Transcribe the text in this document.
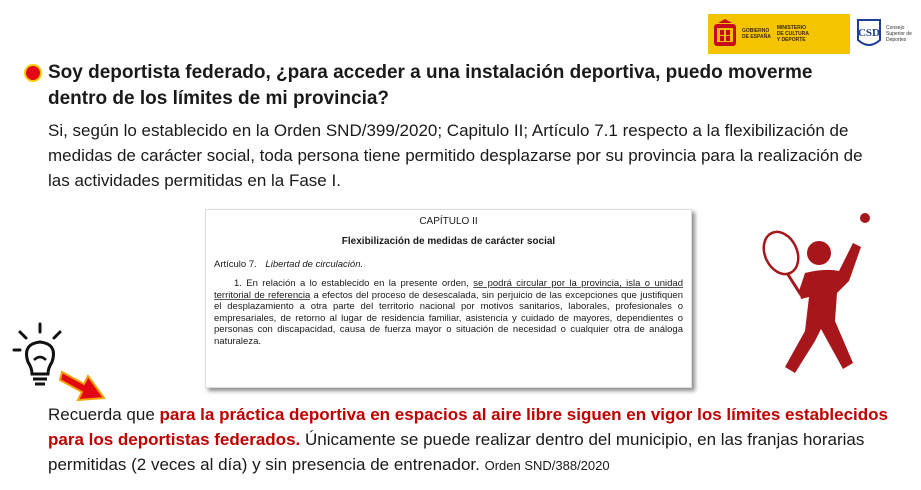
GOBIERNO
DE ESPAÑA
MINISTERIO
DE CULTURA
Y DEPORTE
CSD Consejo
Superior de
Deportes

Soy deportista federado, ¿para acceder a una instalación deportiva, puedo moverme dentro de los límites de mi provincia?

Si, según lo establecido en la Orden SND/399/2020; Capitulo II; Artículo 7.1 respecto a la flexibilización de medidas de carácter social, toda persona tiene permitido desplazarse por su provincia para la realización de las actividades permitidas en la Fase I.

CAPÍTULO II
Flexibilización de medidas de carácter social
Artículo 7. Libertad de circulación.
1. En relación a lo establecido en la presente orden, se podrá circular por la provincia, isla o unidad territorial de referencia a efectos del proceso de desescalada, sin perjuicio de las excepciones que justifiquen el desplazamiento a otra parte del territorio nacional por motivos sanitarios, laborales, profesionales o empresariales, de retorno al lugar de residencia familiar, asistencia y cuidado de mayores, dependientes o personas con discapacidad, causa de fuerza mayor o situación de necesidad o cualquier otra de análoga naturaleza.

Recuerda que para la práctica deportiva en espacios al aire libre siguen en vigor los límites establecidos para los deportistas federados. Únicamente se puede realizar dentro del municipio, en las franjas horarias permitidas (2 veces al día) y sin presencia de entrenador. Orden SND/388/2020
